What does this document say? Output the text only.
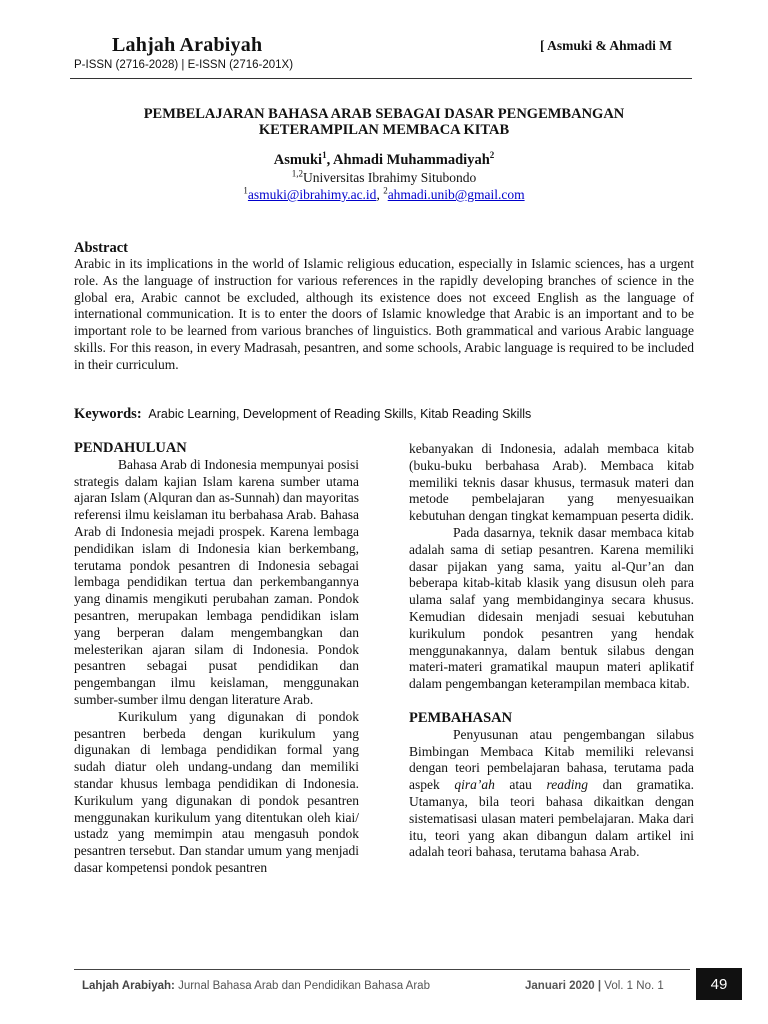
Lahjah Arabiyah
P-ISSN (2716-2028) | E-ISSN (2716-201X)
[ Asmuki & Ahmadi M
PEMBELAJARAN BAHASA ARAB SEBAGAI DASAR PENGEMBANGAN
KETERAMPILAN MEMBACA KITAB
Asmuki$^1$, Ahmadi Muhammadiyah$^2$
$^{1,2}$Universitas Ibrahimy Situbondo
$^1$asmuki@ibrahimy.ac.id, $^2$ahmadi.unib@gmail.com
Abstract
Arabic in its implications in the world of Islamic religious education, especially in Islamic sciences, has a urgent role. As the language of instruction for various references in the rapidly developing branches of science in the global era, Arabic cannot be excluded, although its existence does not exceed English as the language of international communication. It is to enter the doors of Islamic knowledge that Arabic is an important and to be important role to be learned from various branches of linguistics. Both grammatical and various Arabic language skills. For this reason, in every Madrasah, pesantren, and some schools, Arabic language is required to be included in their curriculum.
Keywords: Arabic Learning, Development of Reading Skills, Kitab Reading Skills

PENDAHULUAN

Bahasa Arab di Indonesia mempunyai posisi strategis dalam kajian Islam karena sumber utama ajaran Islam (Alquran dan as-Sunnah) dan mayoritas referensi ilmu keislaman itu berbahasa Arab. Bahasa Arab di Indonesia mejadi prospek. Karena lembaga pendidikan islam di Indonesia kian berkembang, terutama pondok pesantren di Indonesia sebagai lembaga pendidikan tertua dan perkembangannya yang dinamis mengikuti perubahan zaman. Pondok pesantren, merupakan lembaga pendidikan islam yang berperan dalam mengembangkan dan melesterikan ajaran silam di Indonesia. Pondok pesantren sebagai pusat pendidikan dan pengembangan ilmu keislaman, menggunakan sumber-sumber ilmu dengan literature Arab.

Kurikulum yang digunakan di pondok pesantren berbeda dengan kurikulum yang digunakan di lembaga pendidikan formal yang sudah diatur oleh undang-undang dan memiliki standar khusus lembaga pendidikan di Indonesia. Kurikulum yang digunakan di pondok pesantren menggunakan kurikulum yang ditentukan oleh kiai/ ustadz yang memimpin atau mengasuh pondok pesantren tersebut. Dan standar umum yang menjadi dasar kompetensi pondok pesantren

kebanyakan di Indonesia, adalah membaca kitab (buku-buku berbahasa Arab). Membaca kitab memiliki teknis dasar khusus, termasuk materi dan metode pembelajaran yang menyesuaikan kebutuhan dengan tingkat kemampuan peserta didik.

Pada dasarnya, teknik dasar membaca kitab adalah sama di setiap pesantren. Karena memiliki dasar pijakan yang sama, yaitu al-Qur’an dan beberapa kitab-kitab klasik yang disusun oleh para ulama salaf yang membidanginya secara khusus. Kemudian didesain menjadi sesuai kebutuhan kurikulum pondok pesantren yang hendak menggunakannya, dalam bentuk silabus dengan materi-materi gramatikal maupun materi aplikatif dalam pengembangan keterampilan membaca kitab.

PEMBAHASAN

Penyusunan atau pengembangan silabus Bimbingan Membaca Kitab memiliki relevansi dengan teori pembelajaran bahasa, terutama pada aspek qira’ah atau reading dan gramatika. Utamanya, bila teori bahasa dikaitkan dengan sistematisasi ulasan materi pembelajaran. Maka dari itu, teori yang akan dibangun dalam artikel ini adalah teori bahasa, terutama bahasa Arab.

Lahjah Arabiyah: Jurnal Bahasa Arab dan Pendidikan Bahasa Arab	Januari 2020 | Vol. 1 No. 1	49
